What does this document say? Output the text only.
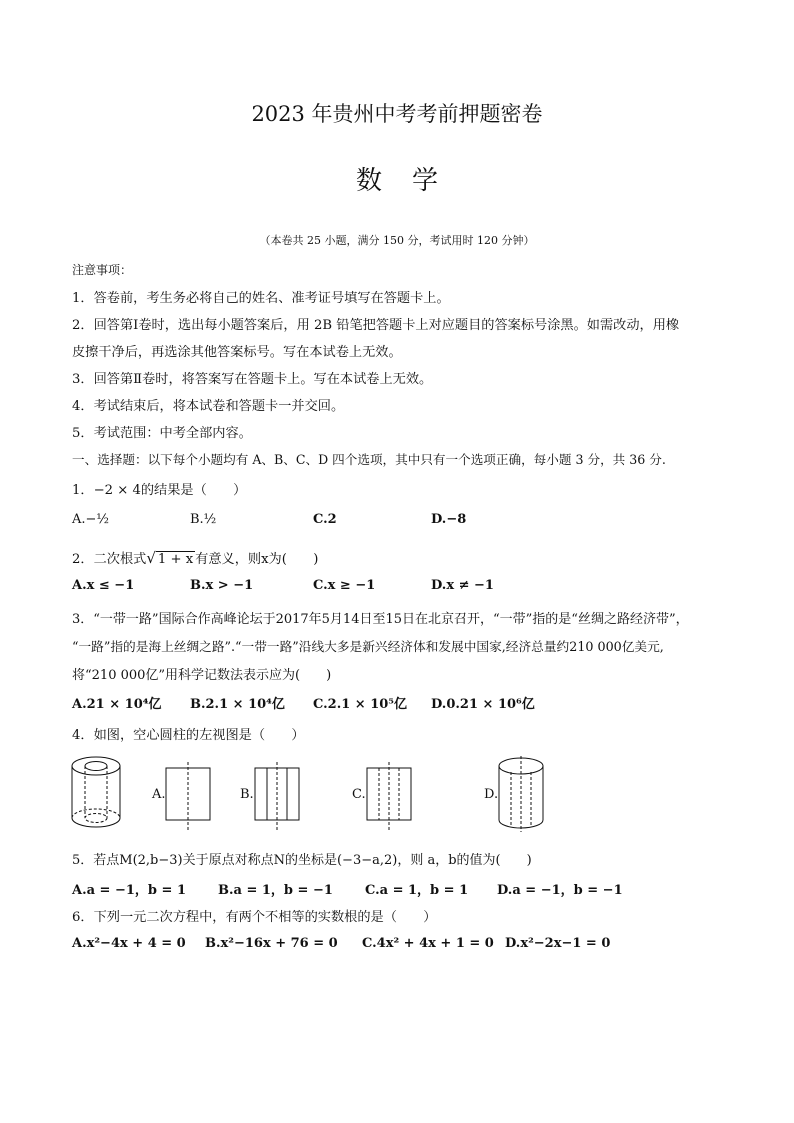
2023 年贵州中考考前押题密卷
数学
（本卷共 25 小题，满分 150 分，考试用时 120 分钟）
注意事项：
1．答卷前，考生务必将自己的姓名、准考证号填写在答题卡上。
2．回答第Ⅰ卷时，选出每小题答案后，用 2B 铅笔把答题卡上对应题目的答案标号涂黑。如需改动，用橡
皮擦干净后，再选涂其他答案标号。写在本试卷上无效。
3．回答第Ⅱ卷时，将答案写在答题卡上。写在本试卷上无效。
4．考试结束后，将本试卷和答题卡一并交回。
5．考试范围：中考全部内容。
一、选择题：以下每个小题均有 A、B、C、D 四个选项，其中只有一个选项正确，每小题 3 分，共 36 分.
1．−2 × 4的结果是（　　）
A.−½	B.½	C.2	D.−8
2．二次根式√ 1 + x 有意义，则x为(　　)
A.x ≤ −1	B.x > −1	C.x ≥ −1	D.x ≠ −1
3．“一带一路”国际合作高峰论坛于2017年5月14日至15日在北京召开，“一带”指的是“丝绸之路经济带”，
“一路”指的是海上丝绸之路”.“一带一路”沿线大多是新兴经济体和发展中国家,经济总量约210 000亿美元,
将“210 000亿”用科学记数法表示应为(　　)
A.21 × 10⁴亿 B.2.1 × 10⁴亿 C.2.1 × 10⁵亿 D.0.21 × 10⁶亿
4．如图，空心圆柱的左视图是（　　）
A.	B.	C.	D.
5．若点M(2,b−3)关于原点对称点N的坐标是(−3−a,2)，则 a，b的值为(　　)
A.a = −1，b = 1 B.a = 1，b = −1 C.a = 1，b = 1 D.a = −1，b = −1
6．下列一元二次方程中，有两个不相等的实数根的是（　　）
A.x²−4x + 4 = 0 B.x²−16x + 76 = 0 C.4x² + 4x + 1 = 0 D.x²−2x−1 = 0
